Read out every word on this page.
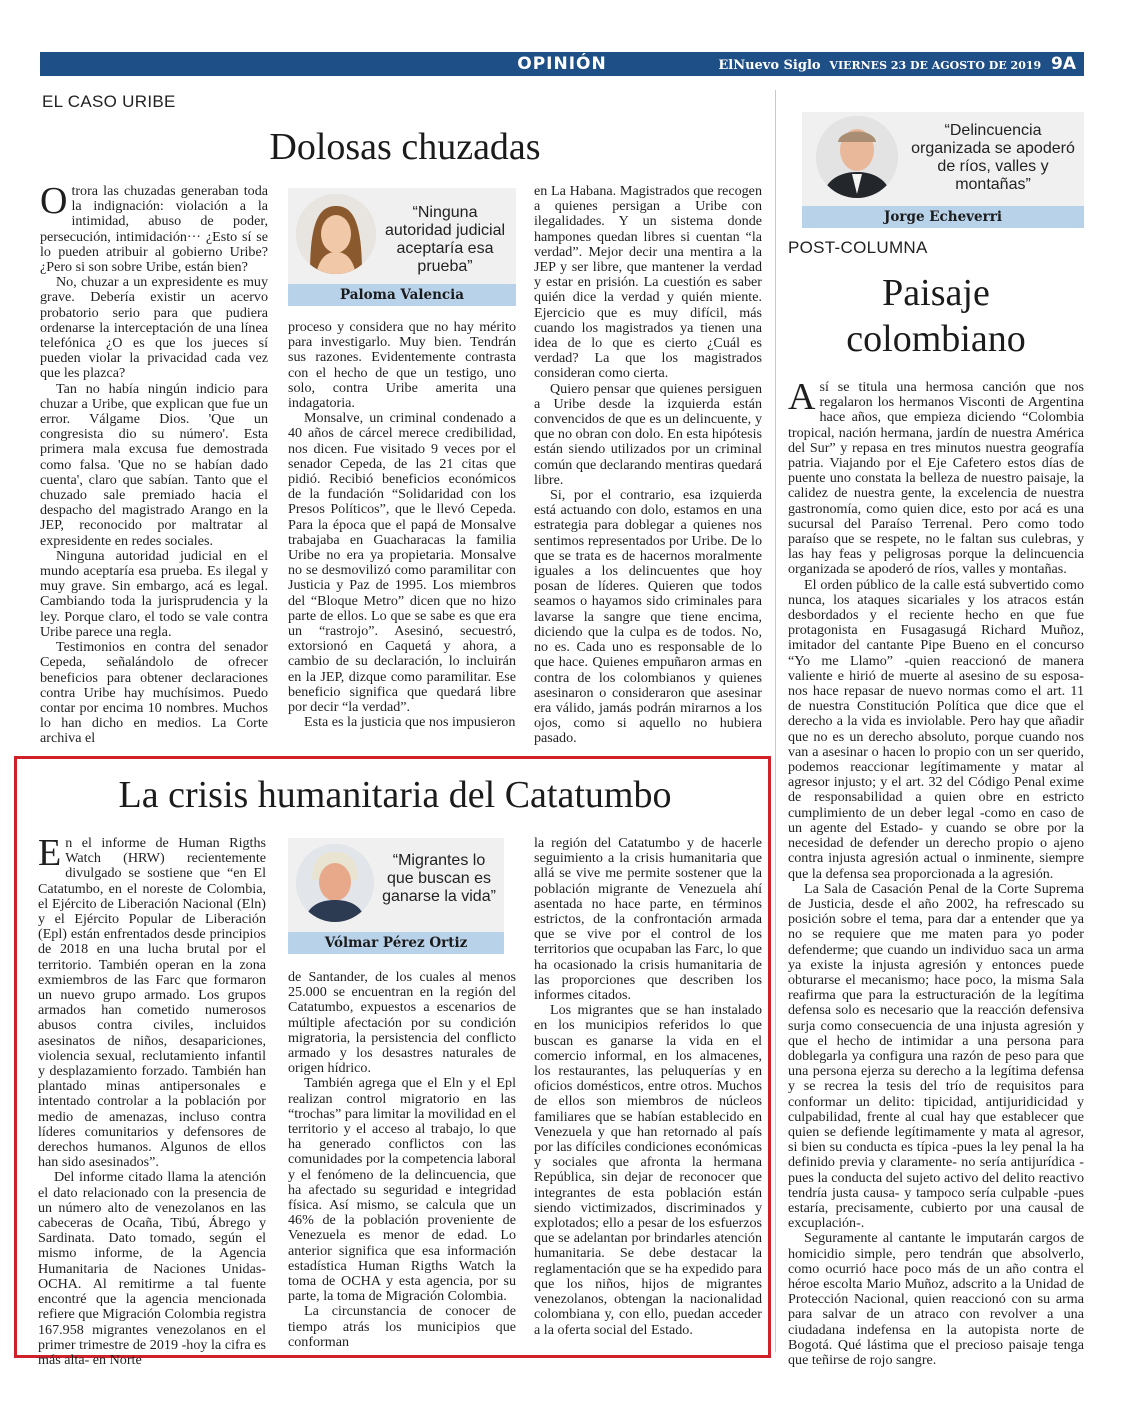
OPINIÓN	ElNuevo Siglo VIERNES 23 DE AGOSTO DE 2019 9A
EL CASO URIBE
Dolosas chuzadas
O trora las chuzadas generaban toda la indignación: violación a la intimidad, abuso de poder, persecución, intimidación··· ¿Esto sí se lo pueden atribuir al gobierno Uribe? ¿Pero si son sobre Uribe, están bien?

No, chuzar a un expresidente es muy grave. Debería existir un acervo probatorio serio para que pudiera ordenarse la interceptación de una línea telefónica ¿O es que los jueces sí pueden violar la privacidad cada vez que les plazca?

Tan no había ningún indicio para chuzar a Uribe, que explican que fue un error. Válgame Dios. 'Que un congresista dio su número'. Esta primera mala excusa fue demostrada como falsa. 'Que no se habían dado cuenta', claro que sabían. Tanto que el chuzado sale premiado hacia el despacho del magistrado Arango en la JEP, reconocido por maltratar al expresidente en redes sociales.

Ninguna autoridad judicial en el mundo aceptaría esa prueba. Es ilegal y muy grave. Sin embargo, acá es legal. Cambiando toda la jurisprudencia y la ley. Porque claro, el todo se vale contra Uribe parece una regla.

Testimonios en contra del senador Cepeda, señalándolo de ofrecer beneficios para obtener declaraciones contra Uribe hay muchísimos. Puedo contar por encima 10 nombres. Muchos lo han dicho en medios. La Corte archiva el

“Ninguna autoridad judicial aceptaría esa prueba”
Paloma Valencia

proceso y considera que no hay mérito para investigarlo. Muy bien. Tendrán sus razones. Evidentemente contrasta con el hecho de que un testigo, uno solo, contra Uribe amerita una indagatoria.

Monsalve, un criminal condenado a 40 años de cárcel merece credibilidad, nos dicen. Fue visitado 9 veces por el senador Cepeda, de las 21 citas que pidió. Recibió beneficios económicos de la fundación “Solidaridad con los Presos Políticos”, que le llevó Cepeda. Para la época que el papá de Monsalve trabajaba en Guacharacas la familia Uribe no era ya propietaria. Monsalve no se desmovilizó como paramilitar con Justicia y Paz de 1995. Los miembros del “Bloque Metro” dicen que no hizo parte de ellos. Lo que se sabe es que era un “rastrojo”. Asesinó, secuestró, extorsionó en Caquetá y ahora, a cambio de su declaración, lo incluirán en la JEP, dizque como paramilitar. Ese beneficio significa que quedará libre por decir “la verdad”.

Esta es la justicia que nos impusieron

en La Habana. Magistrados que recogen a quienes persigan a Uribe con ilegalidades. Y un sistema donde hampones quedan libres si cuentan “la verdad”. Mejor decir una mentira a la JEP y ser libre, que mantener la verdad y estar en prisión. La cuestión es saber quién dice la verdad y quién miente. Ejercicio que es muy difícil, más cuando los magistrados ya tienen una idea de lo que es cierto ¿Cuál es verdad? La que los magistrados consideran como cierta.

Quiero pensar que quienes persiguen a Uribe desde la izquierda están convencidos de que es un delincuente, y que no obran con dolo. En esta hipótesis están siendo utilizados por un criminal común que declarando mentiras quedará libre.

Si, por el contrario, esa izquierda está actuando con dolo, estamos en una estrategia para doblegar a quienes nos sentimos representados por Uribe. De lo que se trata es de hacernos moralmente iguales a los delincuentes que hoy posan de líderes. Quieren que todos seamos o hayamos sido criminales para lavarse la sangre que tiene encima, diciendo que la culpa es de todos. No, no es. Cada uno es responsable de lo que hace. Quienes empuñaron armas en contra de los colombianos y quienes asesinaron o consideraron que asesinar era válido, jamás podrán mirarnos a los ojos, como si aquello no hubiera pasado.

La crisis humanitaria del Catatumbo
E n el informe de Human Rigths Watch (HRW) recientemente divulgado se sostiene que “en El Catatumbo, en el noreste de Colombia, el Ejército de Liberación Nacional (Eln) y el Ejército Popular de Liberación (Epl) están enfrentados desde principios de 2018 en una lucha brutal por el territorio. También operan en la zona exmiembros de las Farc que formaron un nuevo grupo armado. Los grupos armados han cometido numerosos abusos contra civiles, incluidos asesinatos de niños, desapariciones, violencia sexual, reclutamiento infantil y desplazamiento forzado. También han plantado minas antipersonales e intentado controlar a la población por medio de amenazas, incluso contra líderes comunitarios y defensores de derechos humanos. Algunos de ellos han sido asesinados”.

Del informe citado llama la atención el dato relacionado con la presencia de un número alto de venezolanos en las cabeceras de Ocaña, Tibú, Ábrego y Sardinata. Dato tomado, según el mismo informe, de la Agencia Humanitaria de Naciones Unidas-OCHA. Al remitirme a tal fuente encontré que la agencia mencionada refiere que Migración Colombia registra 167.958 migrantes venezolanos en el primer trimestre de 2019 -hoy la cifra es más alta- en Norte

“Migrantes lo que buscan es ganarse la vida”
Vólmar Pérez Ortiz

de Santander, de los cuales al menos 25.000 se encuentran en la región del Catatumbo, expuestos a escenarios de múltiple afectación por su condición migratoria, la persistencia del conflicto armado y los desastres naturales de origen hídrico.

También agrega que el Eln y el Epl realizan control migratorio en las “trochas” para limitar la movilidad en el territorio y el acceso al trabajo, lo que ha generado conflictos con las comunidades por la competencia laboral y el fenómeno de la delincuencia, que ha afectado su seguridad e integridad física. Así mismo, se calcula que un 46% de la población proveniente de Venezuela es menor de edad. Lo anterior significa que esa información estadística Human Rigths Watch la toma de OCHA y esta agencia, por su parte, la toma de Migración Colombia.

La circunstancia de conocer de tiempo atrás los municipios que conforman

la región del Catatumbo y de hacerle seguimiento a la crisis humanitaria que allá se vive me permite sostener que la población migrante de Venezuela ahí asentada no hace parte, en términos estrictos, de la confrontación armada que se vive por el control de los territorios que ocupaban las Farc, lo que ha ocasionado la crisis humanitaria de las proporciones que describen los informes citados.

Los migrantes que se han instalado en los municipios referidos lo que buscan es ganarse la vida en el comercio informal, en los almacenes, los restaurantes, las peluquerías y en oficios domésticos, entre otros. Muchos de ellos son miembros de núcleos familiares que se habían establecido en Venezuela y que han retornado al país por las difíciles condiciones económicas y sociales que afronta la hermana República, sin dejar de reconocer que integrantes de esta población están siendo victimizados, discriminados y explotados; ello a pesar de los esfuerzos que se adelantan por brindarles atención humanitaria. Se debe destacar la reglamentación que se ha expedido para que los niños, hijos de migrantes venezolanos, obtengan la nacionalidad colombiana y, con ello, puedan acceder a la oferta social del Estado.

“Delincuencia organizada se apoderó de ríos, valles y montañas”
Jorge Echeverri
POST-COLUMNA
Paisaje
colombiano
A sí se titula una hermosa canción que nos regalaron los hermanos Visconti de Argentina hace años, que empieza diciendo “Colombia tropical, nación hermana, jardín de nuestra América del Sur” y repasa en tres minutos nuestra geografía patria. Viajando por el Eje Cafetero estos días de puente uno constata la belleza de nuestro paisaje, la calidez de nuestra gente, la excelencia de nuestra gastronomía, como quien dice, esto por acá es una sucursal del Paraíso Terrenal. Pero como todo paraíso que se respete, no le faltan sus culebras, y las hay feas y peligrosas porque la delincuencia organizada se apoderó de ríos, valles y montañas.

El orden público de la calle está subvertido como nunca, los ataques sicariales y los atracos están desbordados y el reciente hecho en que fue protagonista en Fusagasugá Richard Muñoz, imitador del cantante Pipe Bueno en el concurso “Yo me Llamo” -quien reaccionó de manera valiente e hirió de muerte al asesino de su esposa- nos hace repasar de nuevo normas como el art. 11 de nuestra Constitución Política que dice que el derecho a la vida es inviolable. Pero hay que añadir que no es un derecho absoluto, porque cuando nos van a asesinar o hacen lo propio con un ser querido, podemos reaccionar legítimamente y matar al agresor injusto; y el art. 32 del Código Penal exime de responsabilidad a quien obre en estricto cumplimiento de un deber legal -como en caso de un agente del Estado- y cuando se obre por la necesidad de defender un derecho propio o ajeno contra injusta agresión actual o inminente, siempre que la defensa sea proporcionada a la agresión.

La Sala de Casación Penal de la Corte Suprema de Justicia, desde el año 2002, ha refrescado su posición sobre el tema, para dar a entender que ya no se requiere que me maten para yo poder defenderme; que cuando un individuo saca un arma ya existe la injusta agresión y entonces puede obturarse el mecanismo; hace poco, la misma Sala reafirma que para la estructuración de la legítima defensa solo es necesario que la reacción defensiva surja como consecuencia de una injusta agresión y que el hecho de intimidar a una persona para doblegarla ya configura una razón de peso para que una persona ejerza su derecho a la legítima defensa y se recrea la tesis del trío de requisitos para conformar un delito: tipicidad, antijuridicidad y culpabilidad, frente al cual hay que establecer que quien se defiende legítimamente y mata al agresor, si bien su conducta es típica -pues la ley penal la ha definido previa y claramente- no sería antijurídica -pues la conducta del sujeto activo del delito reactivo tendría justa causa- y tampoco sería culpable -pues estaría, precisamente, cubierto por una causal de excuplación-.

Seguramente al cantante le imputarán cargos de homicidio simple, pero tendrán que absolverlo, como ocurrió hace poco más de un año contra el héroe escolta Mario Muñoz, adscrito a la Unidad de Protección Nacional, quien reaccionó con su arma para salvar de un atraco con revolver a una ciudadana indefensa en la autopista norte de Bogotá. Qué lástima que el precioso paisaje tenga que teñirse de rojo sangre.
